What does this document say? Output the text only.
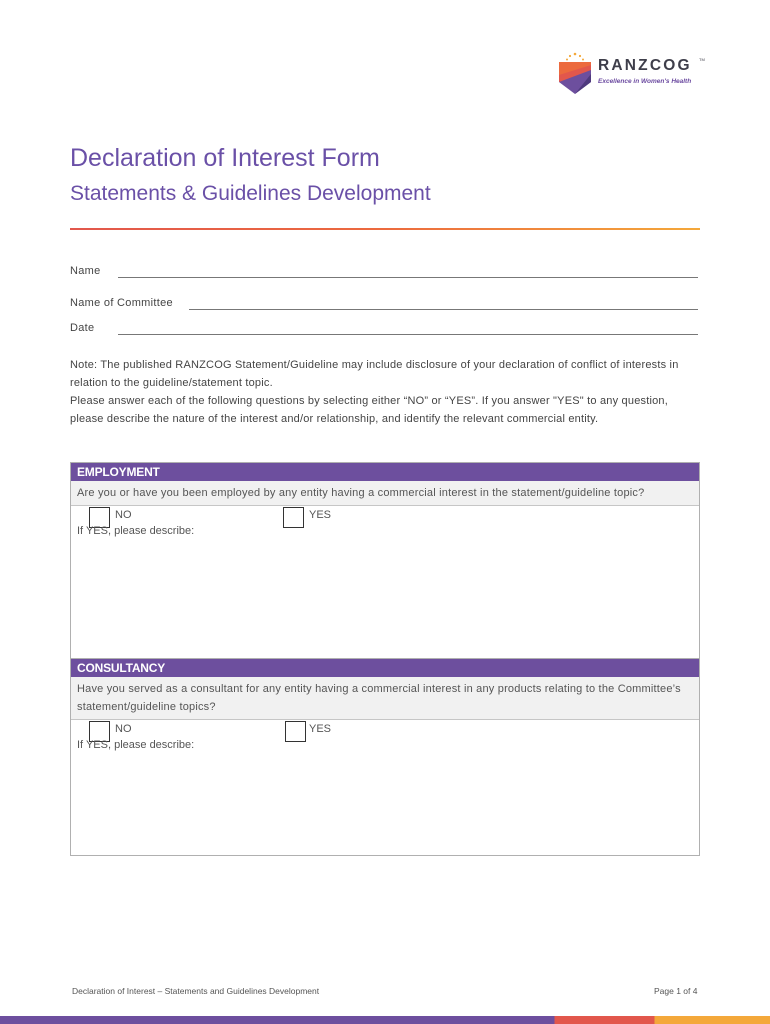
RANZCOG TM
Excellence in Women's Health
Declaration of Interest Form
Statements & Guidelines Development
Name
Name of Committee
Date

Note: The published RANZCOG Statement/Guideline may include disclosure of your declaration of conflict of interests in relation to the guideline/statement topic.

Please answer each of the following questions by selecting either “NO” or “YES”. If you answer "YES" to any question, please describe the nature of the interest and/or relationship, and identify the relevant commercial entity.

EMPLOYMENT
Are you or have you been employed by any entity having a commercial interest in the statement/guideline topic?
NO	YES
If YES, please describe:
CONSULTANCY
Have you served as a consultant for any entity having a commercial interest in any products relating to the Committee’s statement/guideline topics?
NO	YES
If YES, please describe:
Declaration of Interest – Statements and Guidelines Development	Page 1 of 4
